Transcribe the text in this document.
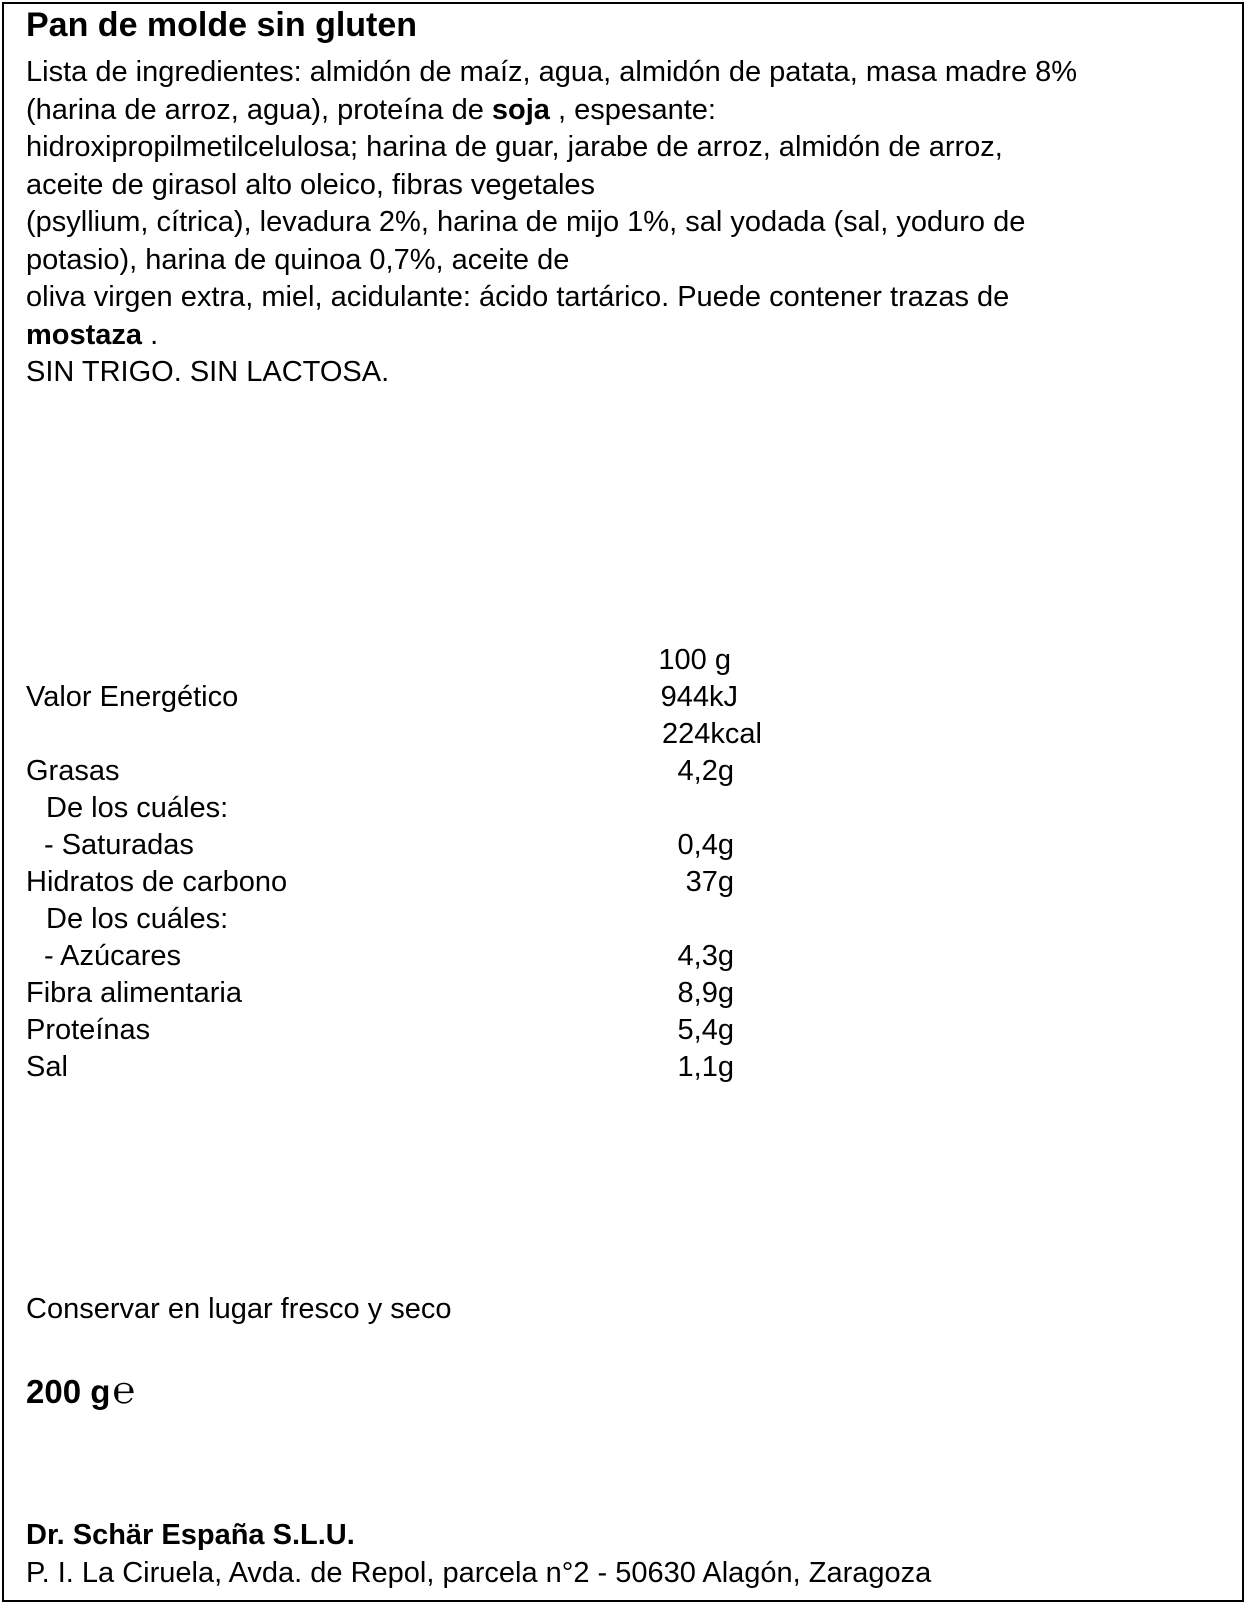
Pan de molde sin gluten
Lista de ingredientes: almidón de maíz, agua, almidón de patata, masa madre 8%
(harina de arroz, agua), proteína de soja , espesante:
hidroxipropilmetilcelulosa; harina de guar, jarabe de arroz, almidón de arroz,
aceite de girasol alto oleico, fibras vegetales
(psyllium, cítrica), levadura 2%, harina de mijo 1%, sal yodada (sal, yoduro de
potasio), harina de quinoa 0,7%, aceite de
oliva virgen extra, miel, acidulante: ácido tartárico. Puede contener trazas de
mostaza .
SIN TRIGO. SIN LACTOSA.
100 g
Valor Energético	944kJ
224kcal
Grasas	4,2g
De los cuáles:
- Saturadas	0,4g
Hidratos de carbono	37g
De los cuáles:
- Azúcares	4,3g
Fibra alimentaria	8,9g
Proteínas	5,4g
Sal	1,1g
Conservar en lugar fresco y seco
200 g℮
Dr. Schär España S.L.U.
P. I. La Ciruela, Avda. de Repol, parcela n°2 - 50630 Alagón, Zaragoza
